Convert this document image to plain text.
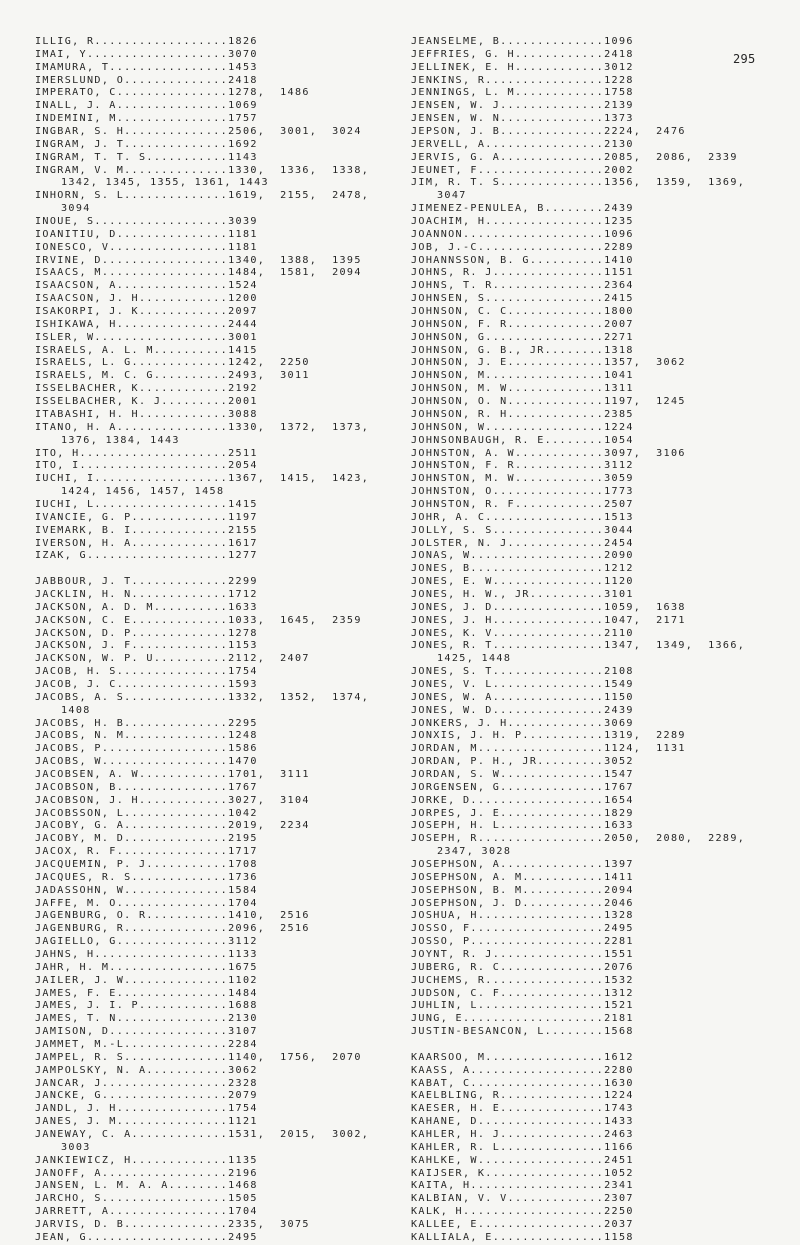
295
ILLIG, R..................1826
IMAI, Y...................3070
IMAMURA, T................1453
IMERSLUND, O..............2418
IMPERATO, C...............1278,  1486
INALL, J. A...............1069
INDEMINI, M...............1757
INGBAR, S. H..............2506,  3001,  3024
INGRAM, J. T..............1692
INGRAM, T. T. S...........1143
INGRAM, V. M..............1330,  1336,  1338,
1342, 1345, 1355, 1361, 1443
INHORN, S. L..............1619,  2155,  2478,
3094
INOUE, S..................3039
IOANITIU, D...............1181
IONESCO, V................1181
IRVINE, D.................1340,  1388,  1395
ISAACS, M.................1484,  1581,  2094
ISAACSON, A...............1524
ISAACSON, J. H............1200
ISAKORPI, J. K............2097
ISHIKAWA, H...............2444
ISLER, W..................3001
ISRAELS, A. L. M..........1415
ISRAELS, L. G.............1242,  2250
ISRAELS, M. C. G..........2493,  3011
ISSELBACHER, K............2192
ISSELBACHER, K. J.........2001
ITABASHI, H. H............3088
ITANO, H. A...............1330,  1372,  1373,
1376, 1384, 1443
ITO, H....................2511
ITO, I....................2054
IUCHI, I..................1367,  1415,  1423,
1424, 1456, 1457, 1458
IUCHI, L..................1415
IVANCIE, G. P.............1197
IVEMARK, B. I.............2155
IVERSON, H. A.............1617
IZAK, G...................1277
JABBOUR, J. T.............2299
JACKLIN, H. N.............1712
JACKSON, A. D. M..........1633
JACKSON, C. E.............1033,  1645,  2359
JACKSON, D. P.............1278
JACKSON, J. F.............1153
JACKSON, W. P. U..........2112,  2407
JACOB, H. S...............1754
JACOB, J. C...............1593
JACOBS, A. S..............1332,  1352,  1374,
1408
JACOBS, H. B..............2295
JACOBS, N. M..............1248
JACOBS, P.................1586
JACOBS, W.................1470
JACOBSEN, A. W............1701,  3111
JACOBSON, B...............1767
JACOBSON, J. H............3027,  3104
JACOBSSON, L..............1042
JACOBY, G. A..............2019,  2234
JACOBY, M. D..............2195
JACOX, R. F...............1717
JACQUEMIN, P. J...........1708
JACQUES, R. S.............1736
JADASSOHN, W..............1584
JAFFE, M. O...............1704
JAGENBURG, O. R...........1410,  2516
JAGENBURG, R..............2096,  2516
JAGIELLO, G...............3112
JAHNS, H..................1133
JAHR, H. M................1675
JAILER, J. W..............1102
JAMES, F. E...............1484
JAMES, J. I. P............1688
JAMES, T. N...............2130
JAMISON, D................3107
JAMMET, M.-L..............2284
JAMPEL, R. S..............1140,  1756,  2070
JAMPOLSKY, N. A...........3062
JANCAR, J.................2328
JANCKE, G.................2079
JANDL, J. H...............1754
JANES, J. M...............1121
JANEWAY, C. A.............1531,  2015,  3002,
3003
JANKIEWICZ, H.............1135
JANOFF, A.................2196
JANSEN, L. M. A. A........1468
JARCHO, S.................1505
JARRETT, A................1704
JARVIS, D. B..............2335,  3075
JEAN, G...................2495
JEANSELME, B..............1096
JEFFRIES, G. H............2418
JELLINEK, E. H............3012
JENKINS, R................1228
JENNINGS, L. M............1758
JENSEN, W. J..............2139
JENSEN, W. N..............1373
JEPSON, J. B..............2224,  2476
JERVELL, A................2130
JERVIS, G. A..............2085,  2086,  2339
JEUNET, F.................2002
JIM, R. T. S..............1356,  1359,  1369,
3047
JIMENEZ-PENULEA, B........2439
JOACHIM, H................1235
JOANNON...................1096
JOB, J.-C.................2289
JOHANNSSON, B. G..........1410
JOHNS, R. J...............1151
JOHNS, T. R...............2364
JOHNSEN, S................2415
JOHNSON, C. C.............1800
JOHNSON, F. R.............2007
JOHNSON, G................2271
JOHNSON, G. B., JR........1318
JOHNSON, J. E.............1357,  3062
JOHNSON, M................1041
JOHNSON, M. W.............1311
JOHNSON, O. N.............1197,  1245
JOHNSON, R. H.............2385
JOHNSON, W................1224
JOHNSONBAUGH, R. E........1054
JOHNSTON, A. W............3097,  3106
JOHNSTON, F. R............3112
JOHNSTON, M. W............3059
JOHNSTON, O...............1773
JOHNSTON, R. F............2507
JOHR, A. C................1513
JOLLY, S. S...............3044
JOLSTER, N. J.............2454
JONAS, W..................2090
JONES, B..................1212
JONES, E. W...............1120
JONES, H. W., JR..........3101
JONES, J. D...............1059,  1638
JONES, J. H...............1047,  2171
JONES, K. V...............2110
JONES, R. T...............1347,  1349,  1366,
1425, 1448
JONES, S. T...............2108
JONES, V. L...............1549
JONES, W. A...............1150
JONES, W. D...............2439
JONKERS, J. H.............3069
JONXIS, J. H. P...........1319,  2289
JORDAN, M.................1124,  1131
JORDAN, P. H., JR.........3052
JORDAN, S. W..............1547
JORGENSEN, G..............1767
JORKE, D..................1654
JORPES, J. E..............1829
JOSEPH, H. L..............1633
JOSEPH, R.................2050,  2080,  2289,
2347, 3028
JOSEPHSON, A..............1397
JOSEPHSON, A. M...........1411
JOSEPHSON, B. M...........2094
JOSEPHSON, J. D...........2046
JOSHUA, H.................1328
JOSSO, F..................2495
JOSSO, P..................2281
JOYNT, R. J...............1551
JUBERG, R. C..............2076
JUCHEMS, R................1532
JUDSON, C. F..............1312
JUHLIN, L.................1521
JUNG, E...................2181
JUSTIN-BESANCON, L........1568
KAARSOO, M................1612
KAASS, A..................2280
KABAT, C..................1630
KAELBLING, R..............1224
KAESER, H. E..............1743
KAHANE, D.................1433
KAHLER, H. J..............2463
KAHLER, R. L..............1166
KAHLKE, W.................2451
KAIJSER, K................1052
KAITA, H..................2341
KALBIAN, V. V.............2307
KALK, H...................2250
KALLEE, E.................2037
KALLIALA, E...............1158
